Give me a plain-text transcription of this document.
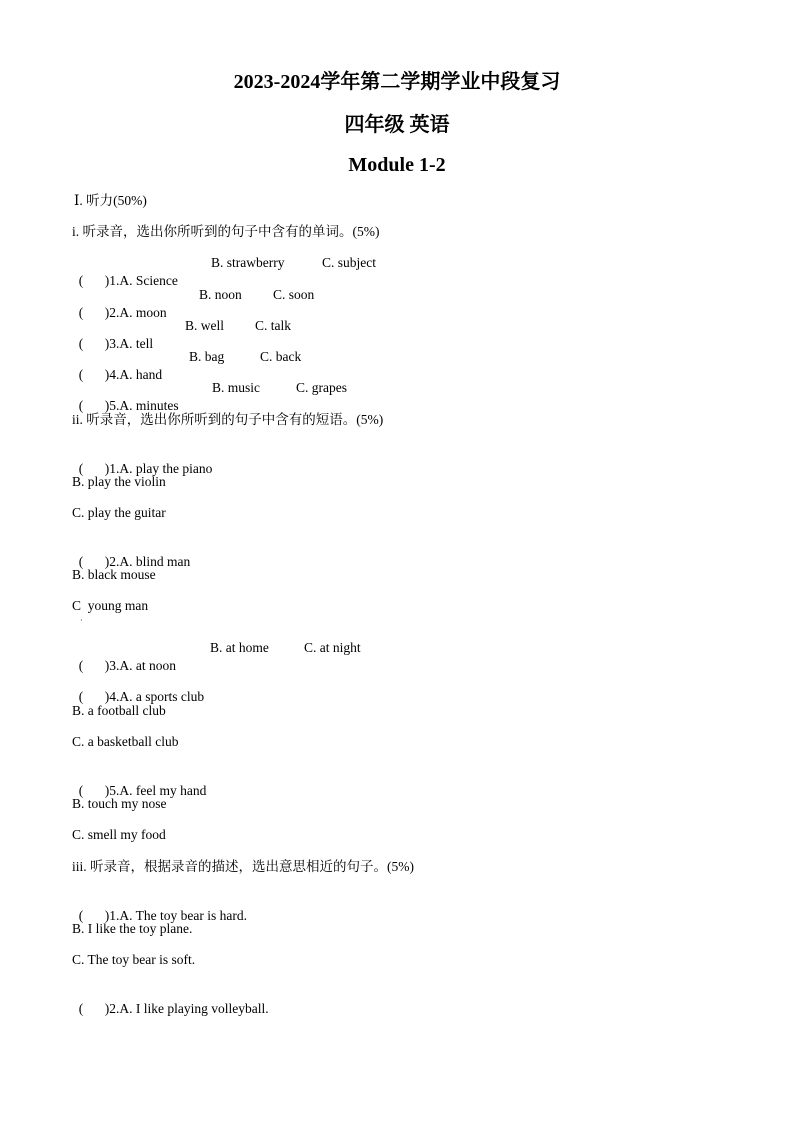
2023-2024学年第二学期学业中段复习
四年级 英语
Module 1-2
Ⅰ. 听力(50%)
i. 听录音，选出你所听到的句子中含有的单词。(5%)

( )1.A. Science

B. strawberry

	C. subject

( )2.A. moon

B. noon

C. soon

( )3.A. tell

B. well

C. talk

( )4.A. hand

B. bag

	C. back

( )5.A. minutes

B. music

	C. grapes

ii. 听录音，选出你所听到的句子中含有的短语。(5%)

( )1.A. play the piano

B. play the violin
C. play the guitar

( )2.A. blind man

B. black mouse
C  young man
·

( )3.A. at noon

B. at home

	C. at night

( )4.A. a sports club

B. a football club
C. a basketball club

( )5.A. feel my hand

B. touch my nose
C. smell my food
iii. 听录音，根据录音的描述，选出意思相近的句子。(5%)

( )1.A. The toy bear is hard.

B. I like the toy plane.
C. The toy bear is soft.

( )2.A. I like playing volleyball.
